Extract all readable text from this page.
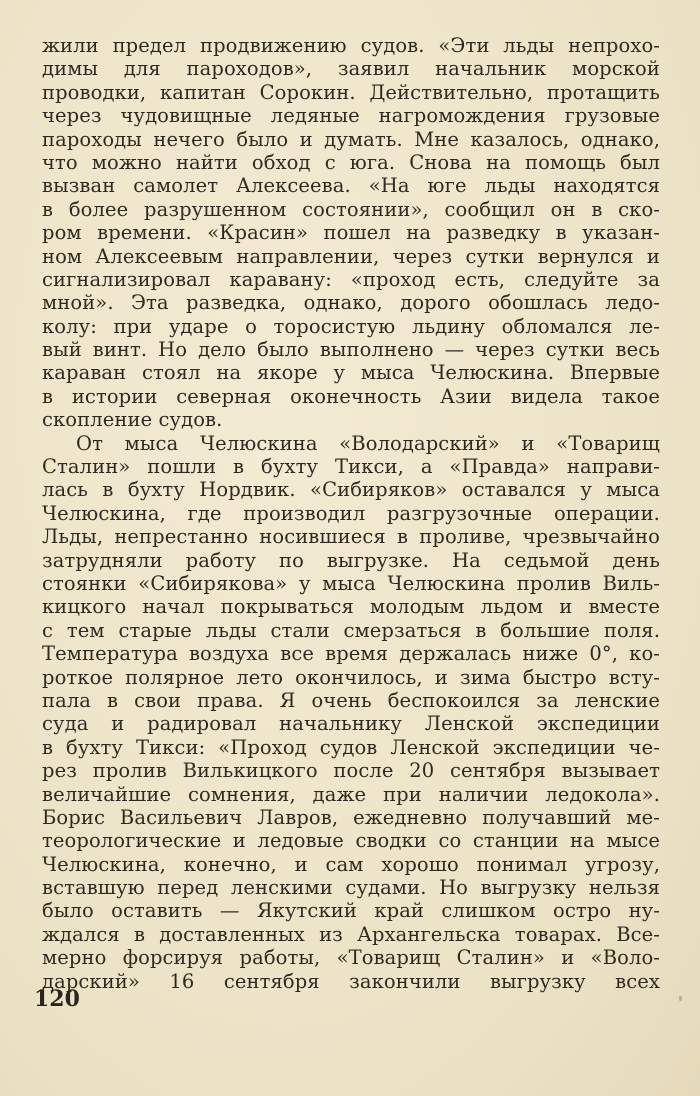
жили предел продвижению судов. «Эти льды непрохо-
димы для пароходов», заявил начальник морской
проводки, капитан Сорокин. Действительно, протащить
через чудовищные ледяные нагромождения грузовые
пароходы нечего было и думать. Мне казалось, однако,
что можно найти обход с юга. Снова на помощь был
вызван самолет Алексеева. «На юге льды находятся
в более разрушенном состоянии», сообщил он в ско-
ром времени. «Красин» пошел на разведку в указан-
ном Алексеевым направлении, через сутки вернулся и
сигнализировал каравану: «проход есть, следуйте за
мной». Эта разведка, однако, дорого обошлась ледо-
колу: при ударе о торосистую льдину обломался ле-
вый винт. Но дело было выполнено — через сутки весь
караван стоял на якоре у мыса Челюскина. Впервые
в истории северная оконечность Азии видела такое
скопление судов.
От мыса Челюскина «Володарский» и «Товарищ
Сталин» пошли в бухту Тикси, а «Правда» направи-
лась в бухту Нордвик. «Сибиряков» оставался у мыса
Челюскина, где производил разгрузочные операции.
Льды, непрестанно носившиеся в проливе, чрезвычайно
затрудняли работу по выгрузке. На седьмой день
стоянки «Сибирякова» у мыса Челюскина пролив Виль-
кицкого начал покрываться молодым льдом и вместе
с тем старые льды стали смерзаться в большие поля.
Температура воздуха все время держалась ниже 0°, ко-
роткое полярное лето окончилось, и зима быстро всту-
пала в свои права. Я очень беспокоился за ленские
суда и радировал начальнику Ленской экспедиции
в бухту Тикси: «Проход судов Ленской экспедиции че-
рез пролив Вилькицкого после 20 сентября вызывает
величайшие сомнения, даже при наличии ледокола».
Борис Васильевич Лавров, ежедневно получавший ме-
теорологические и ледовые сводки со станции на мысе
Челюскина, конечно, и сам хорошо понимал угрозу,
вставшую перед ленскими судами. Но выгрузку нельзя
было оставить — Якутский край слишком остро ну-
ждался в доставленных из Архангельска товарах. Все-
мерно форсируя работы, «Товарищ Сталин» и «Воло-
дарский» 16 сентября закончили выгрузку всех
120
